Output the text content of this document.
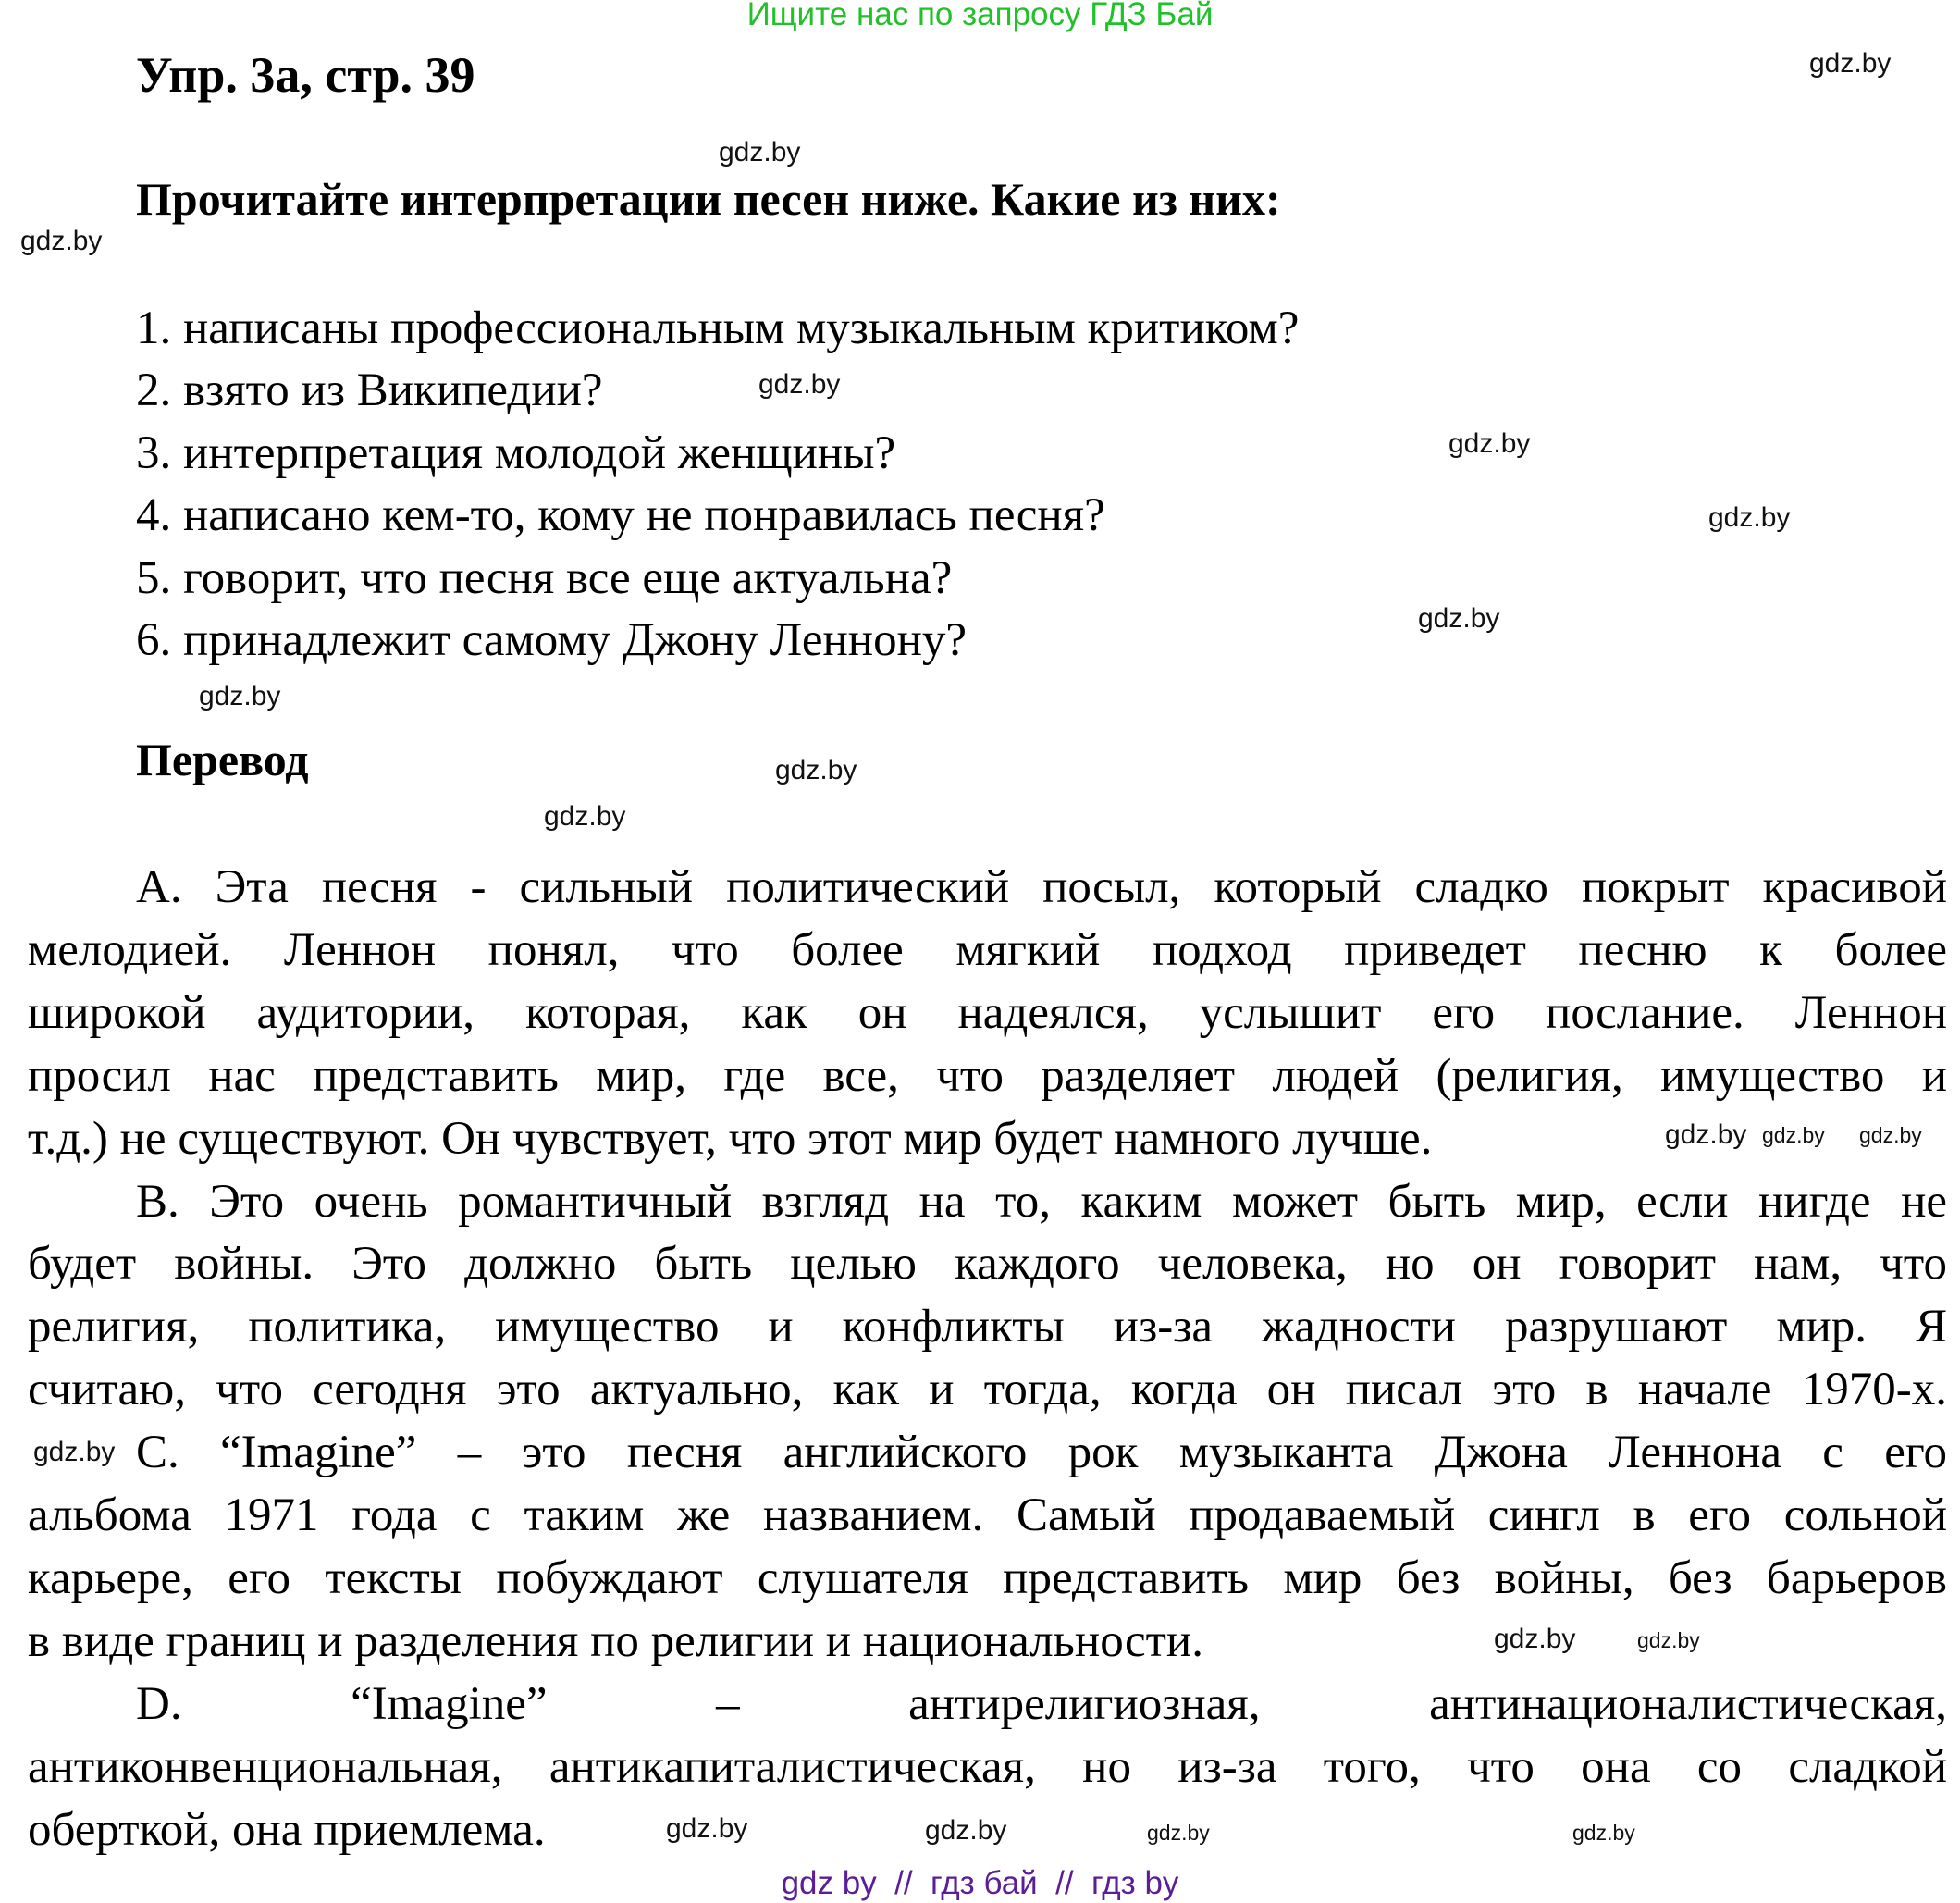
Ищите нас по запросу ГДЗ Бай
Упр. 3а, стр. 39
Прочитайте интерпретации песен ниже. Какие из них:
1. написаны профессиональным музыкальным критиком?
2. взято из Википедии?
3. интерпретация молодой женщины?
4. написано кем-то, кому не понравилась песня?
5. говорит, что песня все еще актуальна?
6. принадлежит самому Джону Леннону?
Перевод
A. Эта песня - сильный политический посыл, который сладко покрыт красивой
мелодией. Леннон понял, что более мягкий подход приведет песню к более
широкой аудитории, которая, как он надеялся, услышит его послание. Леннон
просил нас представить мир, где все, что разделяет людей (религия, имущество и
т.д.) не существуют. Он чувствует, что этот мир будет намного лучше.
B. Это очень романтичный взгляд на то, каким может быть мир, если нигде не
будет войны. Это должно быть целью каждого человека, но он говорит нам, что
религия, политика, имущество и конфликты из-за жадности разрушают мир. Я
считаю, что сегодня это актуально, как и тогда, когда он писал это в начале 1970-х.
C. “Imagine” – это песня английского рок музыканта Джона Леннона с его
альбома 1971 года с таким же названием. Самый продаваемый сингл в его сольной
карьере, его тексты побуждают слушателя представить мир без войны, без барьеров
в виде границ и разделения по религии и национальности.
D.      “Imagine”      –      антирелигиозная,      антинационалистическая,
антиконвенциональная, антикапиталистическая, но из-за того, что она со сладкой
оберткой, она приемлема.
gdz.by
gdz.by
gdz.by
gdz.by
gdz.by
gdz.by
gdz.by
gdz.by
gdz.by
gdz.by
gdz.by
gdz.by	gdz.by
gdz.by
gdz.by
gdz.by
gdz.by
gdz.by
gdz.by	gdz.by
gdz by  //  гдз бай  //  гдз by
